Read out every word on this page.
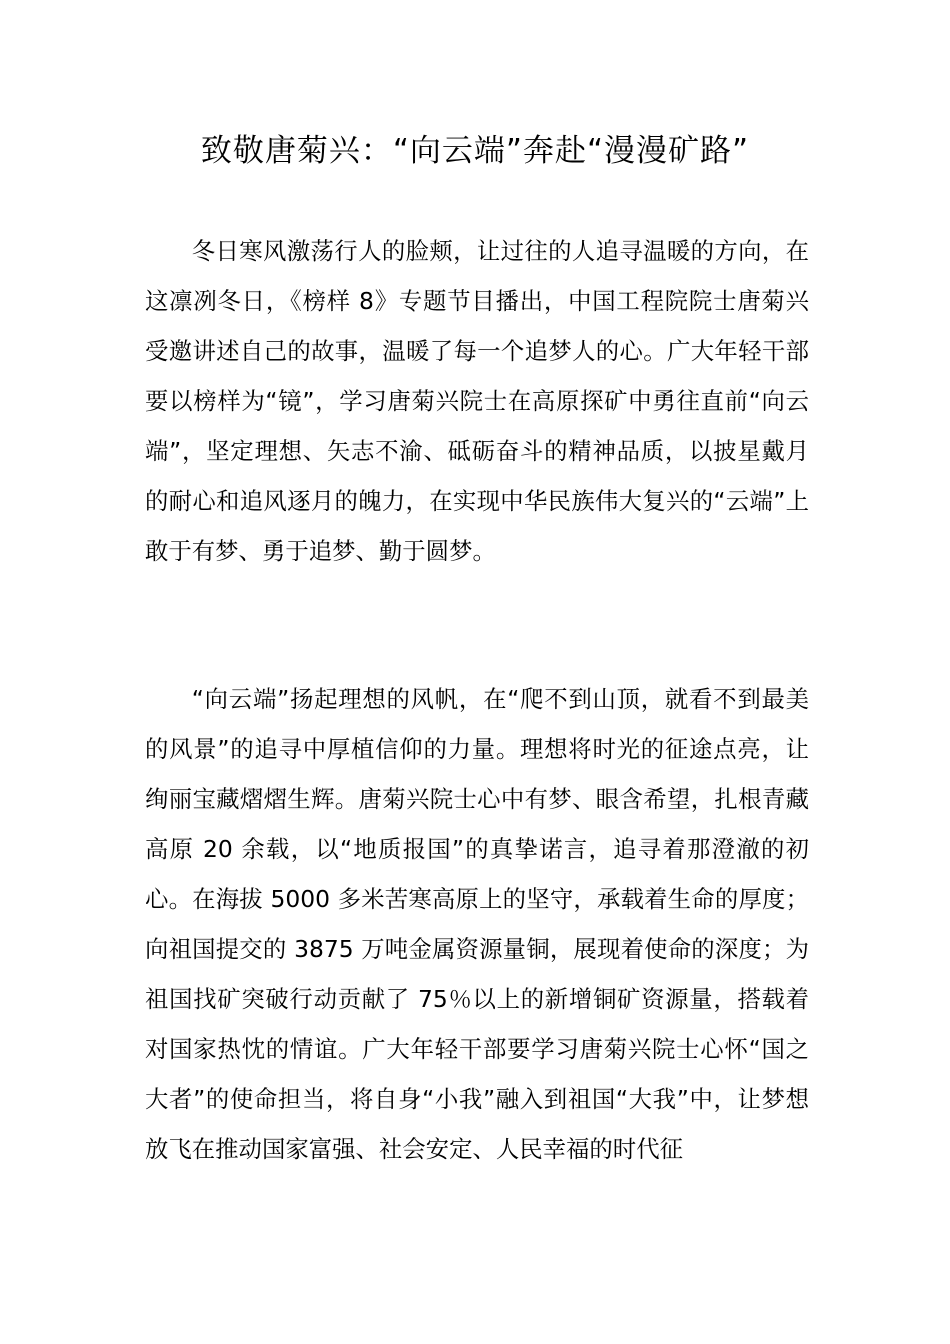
致敬唐菊兴：“向云端”奔赴“漫漫矿路”

冬日寒风激荡行人的脸颊，让过往的人追寻温暖的方向，在这凛冽冬日，《榜样 8》专题节目播出，中国工程院院士唐菊兴受邀讲述自己的故事，温暖了每一个追梦人的心。广大年轻干部要以榜样为“镜”，学习唐菊兴院士在高原探矿中勇往直前“向云端”，坚定理想、矢志不渝、砥砺奋斗的精神品质，以披星戴月的耐心和追风逐月的魄力，在实现中华民族伟大复兴的“云端”上敢于有梦、勇于追梦、勤于圆梦。

“向云端”扬起理想的风帆，在“爬不到山顶，就看不到最美的风景”的追寻中厚植信仰的力量。理想将时光的征途点亮，让绚丽宝藏熠熠生辉。唐菊兴院士心中有梦、眼含希望，扎根青藏高原 20 余载，以“地质报国”的真挚诺言，追寻着那澄澈的初心。在海拔 5000 多米苦寒高原上的坚守，承载着生命的厚度；向祖国提交的 3875 万吨金属资源量铜，展现着使命的深度；为祖国找矿突破行动贡献了 75％以上的新增铜矿资源量，搭载着对国家热忱的情谊。广大年轻干部要学习唐菊兴院士心怀“国之大者”的使命担当，将自身“小我”融入到祖国“大我”中，让梦想放飞在推动国家富强、社会安定、人民幸福的时代征
